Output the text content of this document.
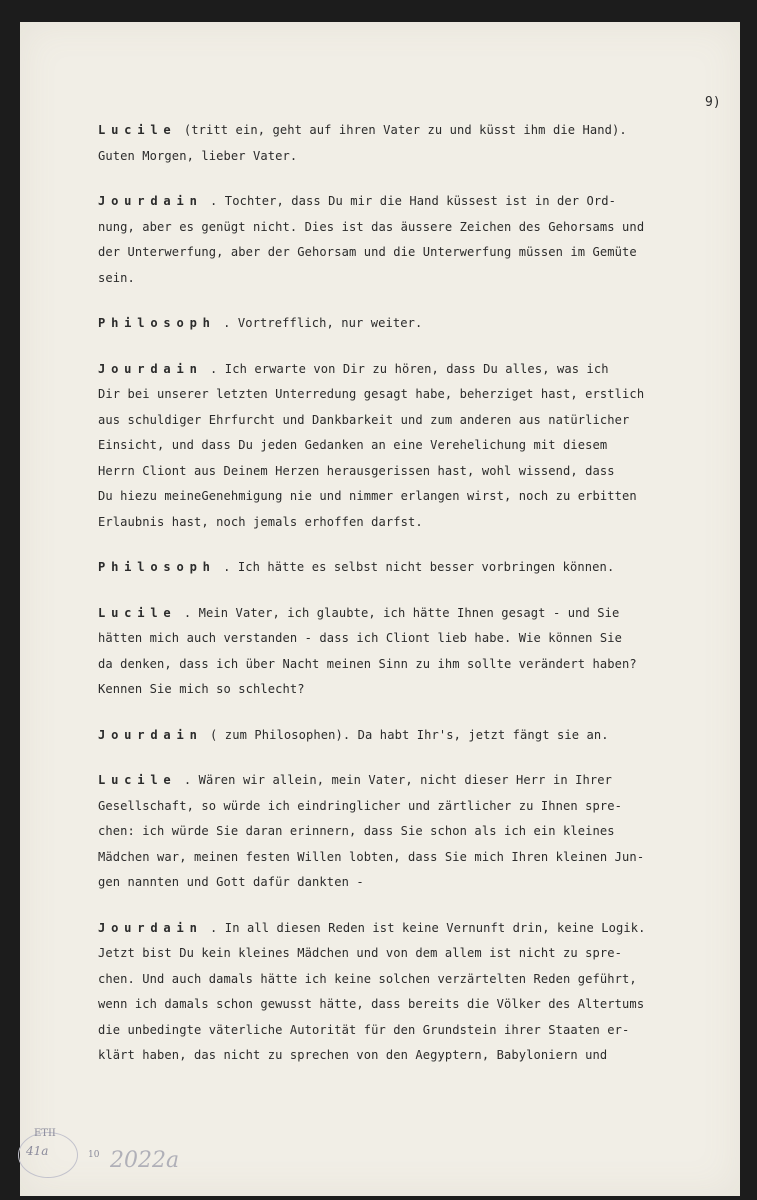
9)
Lucile (tritt ein, geht auf ihren Vater zu und küsst ihm die Hand).
Guten Morgen, lieber Vater.
Jourdain . Tochter, dass Du mir die Hand küssest ist in der Ord-
nung, aber es genügt nicht. Dies ist das äussere Zeichen des Gehorsams und
der Unterwerfung, aber der Gehorsam und die Unterwerfung müssen im Gemüte
sein.
Philosoph . Vortrefflich, nur weiter.
Jourdain . Ich erwarte von Dir zu hören, dass Du alles, was ich
Dir bei unserer letzten Unterredung gesagt habe, beherziget hast, erstlich
aus schuldiger Ehrfurcht und Dankbarkeit und zum anderen aus natürlicher
Einsicht, und dass Du jeden Gedanken an eine Verehelichung mit diesem
Herrn Cliont aus Deinem Herzen herausgerissen hast, wohl wissend, dass
Du hiezu meineGenehmigung nie und nimmer erlangen wirst, noch zu erbitten
Erlaubnis hast, noch jemals erhoffen darfst.
Philosoph . Ich hätte es selbst nicht besser vorbringen können.
Lucile . Mein Vater, ich glaubte, ich hätte Ihnen gesagt - und Sie
hätten mich auch verstanden - dass ich Cliont lieb habe. Wie können Sie
da denken, dass ich über Nacht meinen Sinn zu ihm sollte verändert haben?
Kennen Sie mich so schlecht?
Jourdain ( zum Philosophen). Da habt Ihr's, jetzt fängt sie an.
Lucile . Wären wir allein, mein Vater, nicht dieser Herr in Ihrer
Gesellschaft, so würde ich eindringlicher und zärtlicher zu Ihnen spre-
chen: ich würde Sie daran erinnern, dass Sie schon als ich ein kleines
Mädchen war, meinen festen Willen lobten, dass Sie mich Ihren kleinen Jun-
gen nannten und Gott dafür dankten -
Jourdain . In all diesen Reden ist keine Vernunft drin, keine Logik.
Jetzt bist Du kein kleines Mädchen und von dem allem ist nicht zu spre-
chen. Und auch damals hätte ich keine solchen verzärtelten Reden geführt,
wenn ich damals schon gewusst hätte, dass bereits die Völker des Altertums
die unbedingte väterliche Autorität für den Grundstein ihrer Staaten er-
klärt haben, das nicht zu sprechen von den Aegyptern, Babyloniern und
ETII
41a	10 2022a
